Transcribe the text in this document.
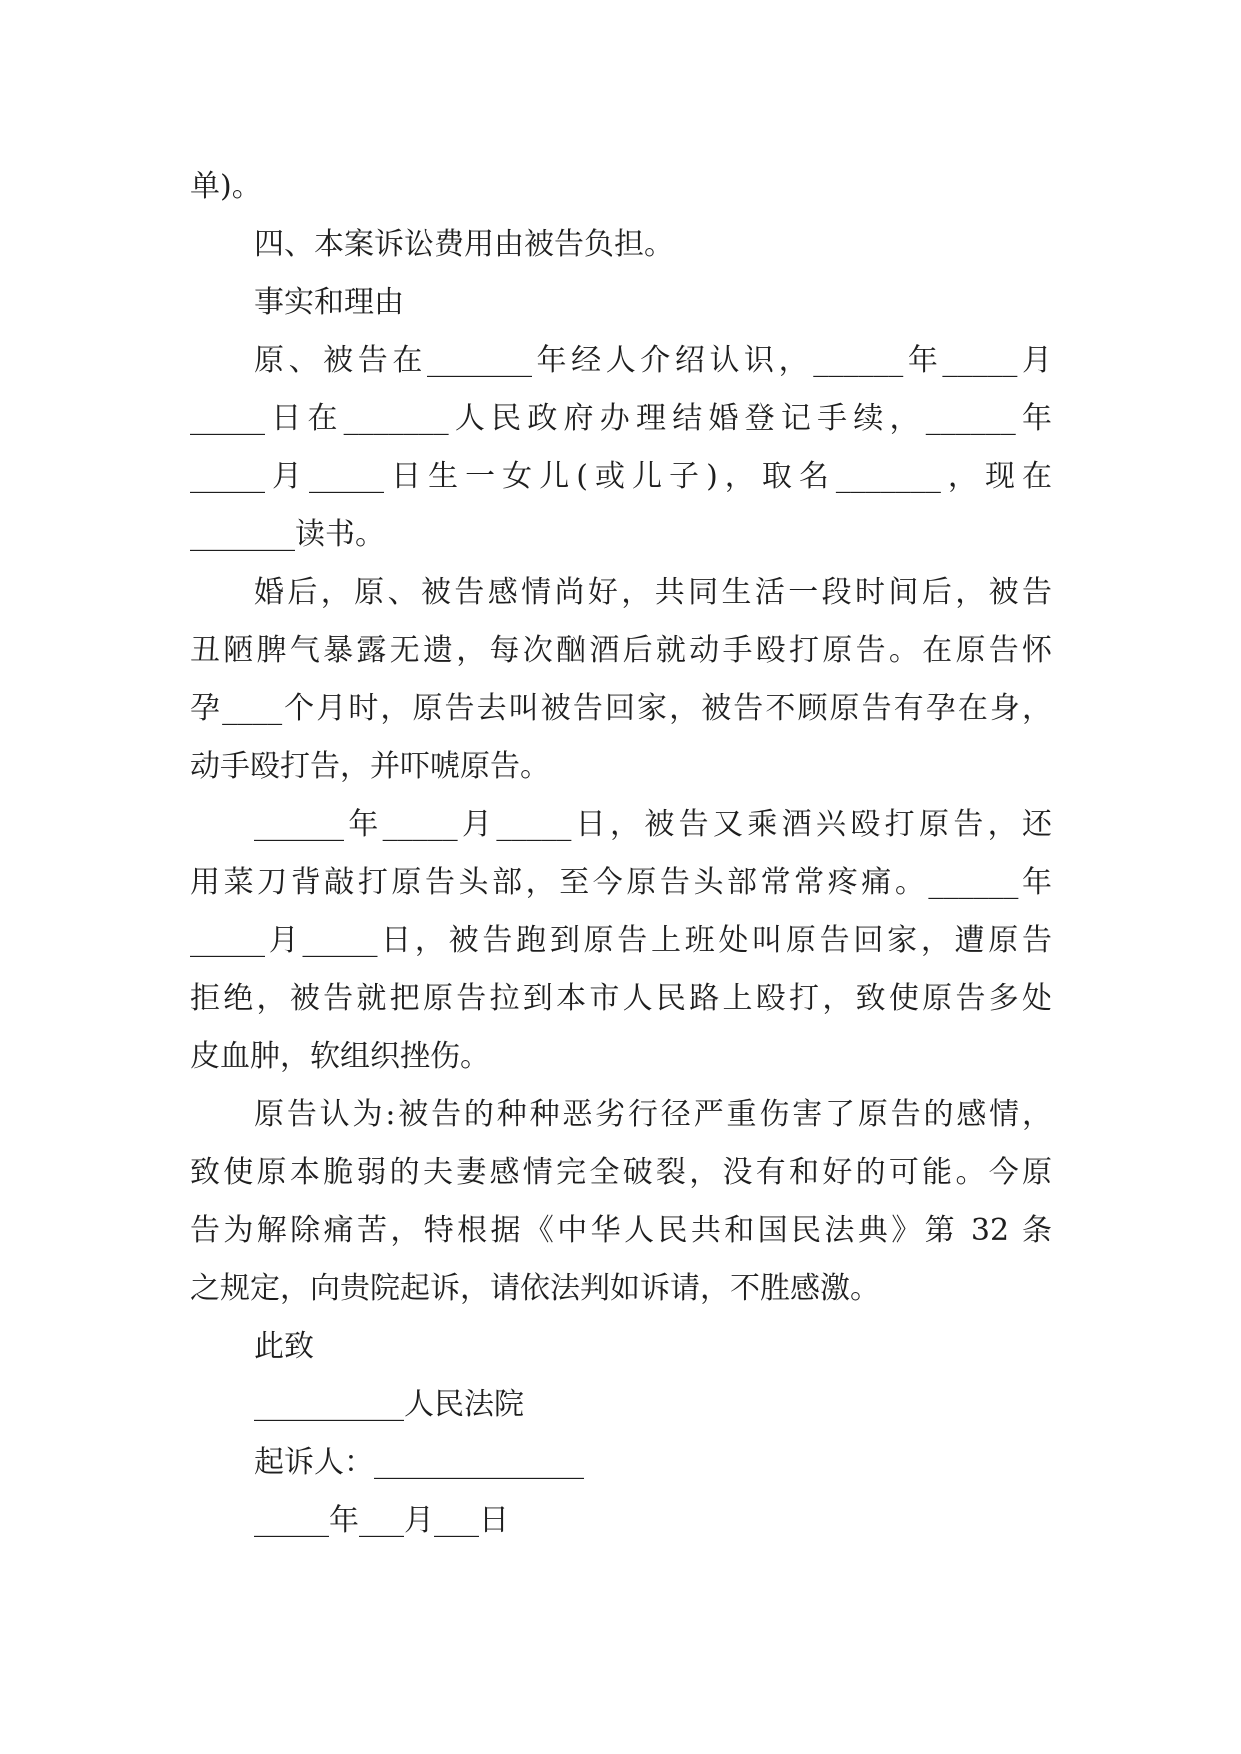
单)。
四、本案诉讼费用由被告负担。
事实和理由
原、被告在_______年经人介绍认识，______年_____月
_____日在_______人民政府办理结婚登记手续，______年
_____月_____日生一女儿(或儿子)，取名_______，现在
_______读书。
婚后，原、被告感情尚好，共同生活一段时间后，被告
丑陋脾气暴露无遗，每次酗酒后就动手殴打原告。在原告怀
孕____个月时，原告去叫被告回家，被告不顾原告有孕在身，
动手殴打告，并吓唬原告。
______年_____月_____日，被告又乘酒兴殴打原告，还
用菜刀背敲打原告头部，至今原告头部常常疼痛。______年
_____月_____日，被告跑到原告上班处叫原告回家，遭原告
拒绝，被告就把原告拉到本市人民路上殴打，致使原告多处
皮血肿，软组织挫伤。
原告认为:被告的种种恶劣行径严重伤害了原告的感情，
致使原本脆弱的夫妻感情完全破裂，没有和好的可能。今原
告为解除痛苦，特根据《中华人民共和国民法典》第 32 条
之规定，向贵院起诉，请依法判如诉请，不胜感激。
此致
__________人民法院
起诉人：______________
_____年___月___日
